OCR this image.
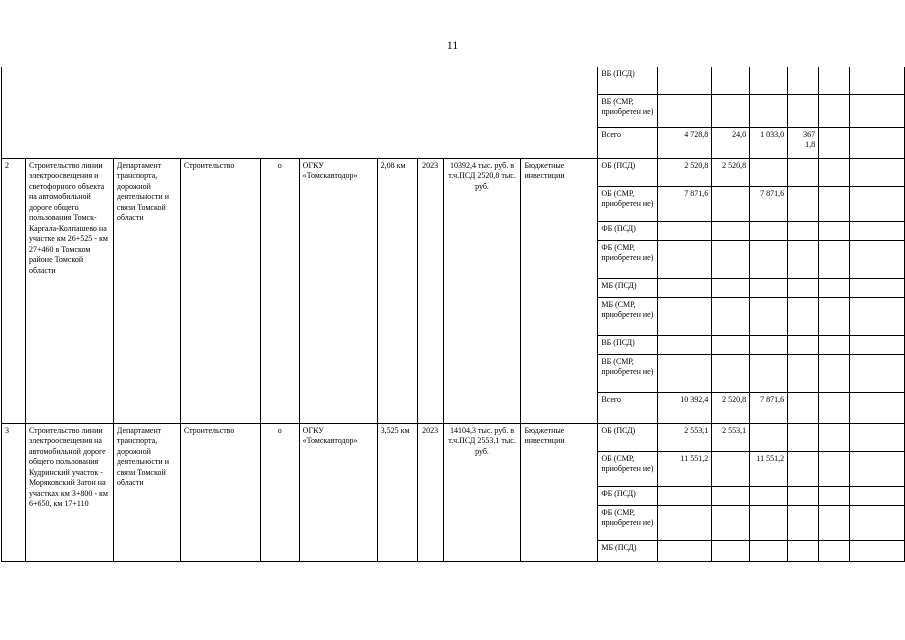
11
										ВБ (ПСД)						
										ВБ (СМР, приобретен ие)						
										Всего	4 728,8	24,0	1 033,0	367 1,8		
2	Строительство линии электроосвещения и светофорного объекта на автомобильной дороге общего пользования Томск-Каргала-Колпашево на участке км 26+525 - км 27+460 в Томском районе Томской области	Департамент транспорта, дорожной деятельности и связи Томской области	Строительство	о	ОГКУ «Томскавтодор»	2,08 км	2023	10392,4 тыс. руб. в т.ч.ПСД 2520,8 тыс. руб.	Бюджетные инвестиции	ОБ (ПСД)	2 520,8	2 520,8				
										ОБ (СМР, приобретен ие)	7 871,6		7 871,6			
										ФБ (ПСД)						
										ФБ (СМР, приобретен ие)						
										МБ (ПСД)						
										МБ (СМР, приобретен ие)						
										ВБ (ПСД)						
										ВБ (СМР, приобретен ие)						
										Всего	10 392,4	2 520,8	7 871,6			
3	Строительство линии электроосвещения на автомобильной дороге общего пользования Кудринский участок - Моряковский Затон на участках км 3+800 - км 6+650, км 17+110	Департамент транспорта, дорожной деятельности и связи Томской области	Строительство	о	ОГКУ «Томскавтодор»	3,525 км	2023	14104,3 тыс. руб. в т.ч.ПСД 2553,1 тыс. руб.	Бюджетные инвестиции	ОБ (ПСД)	2 553,1	2 553,1				
										ОБ (СМР, приобретен ие)	11 551,2		11 551,2			
										ФБ (ПСД)						
										ФБ (СМР, приобретен ие)						
										МБ (ПСД)						
